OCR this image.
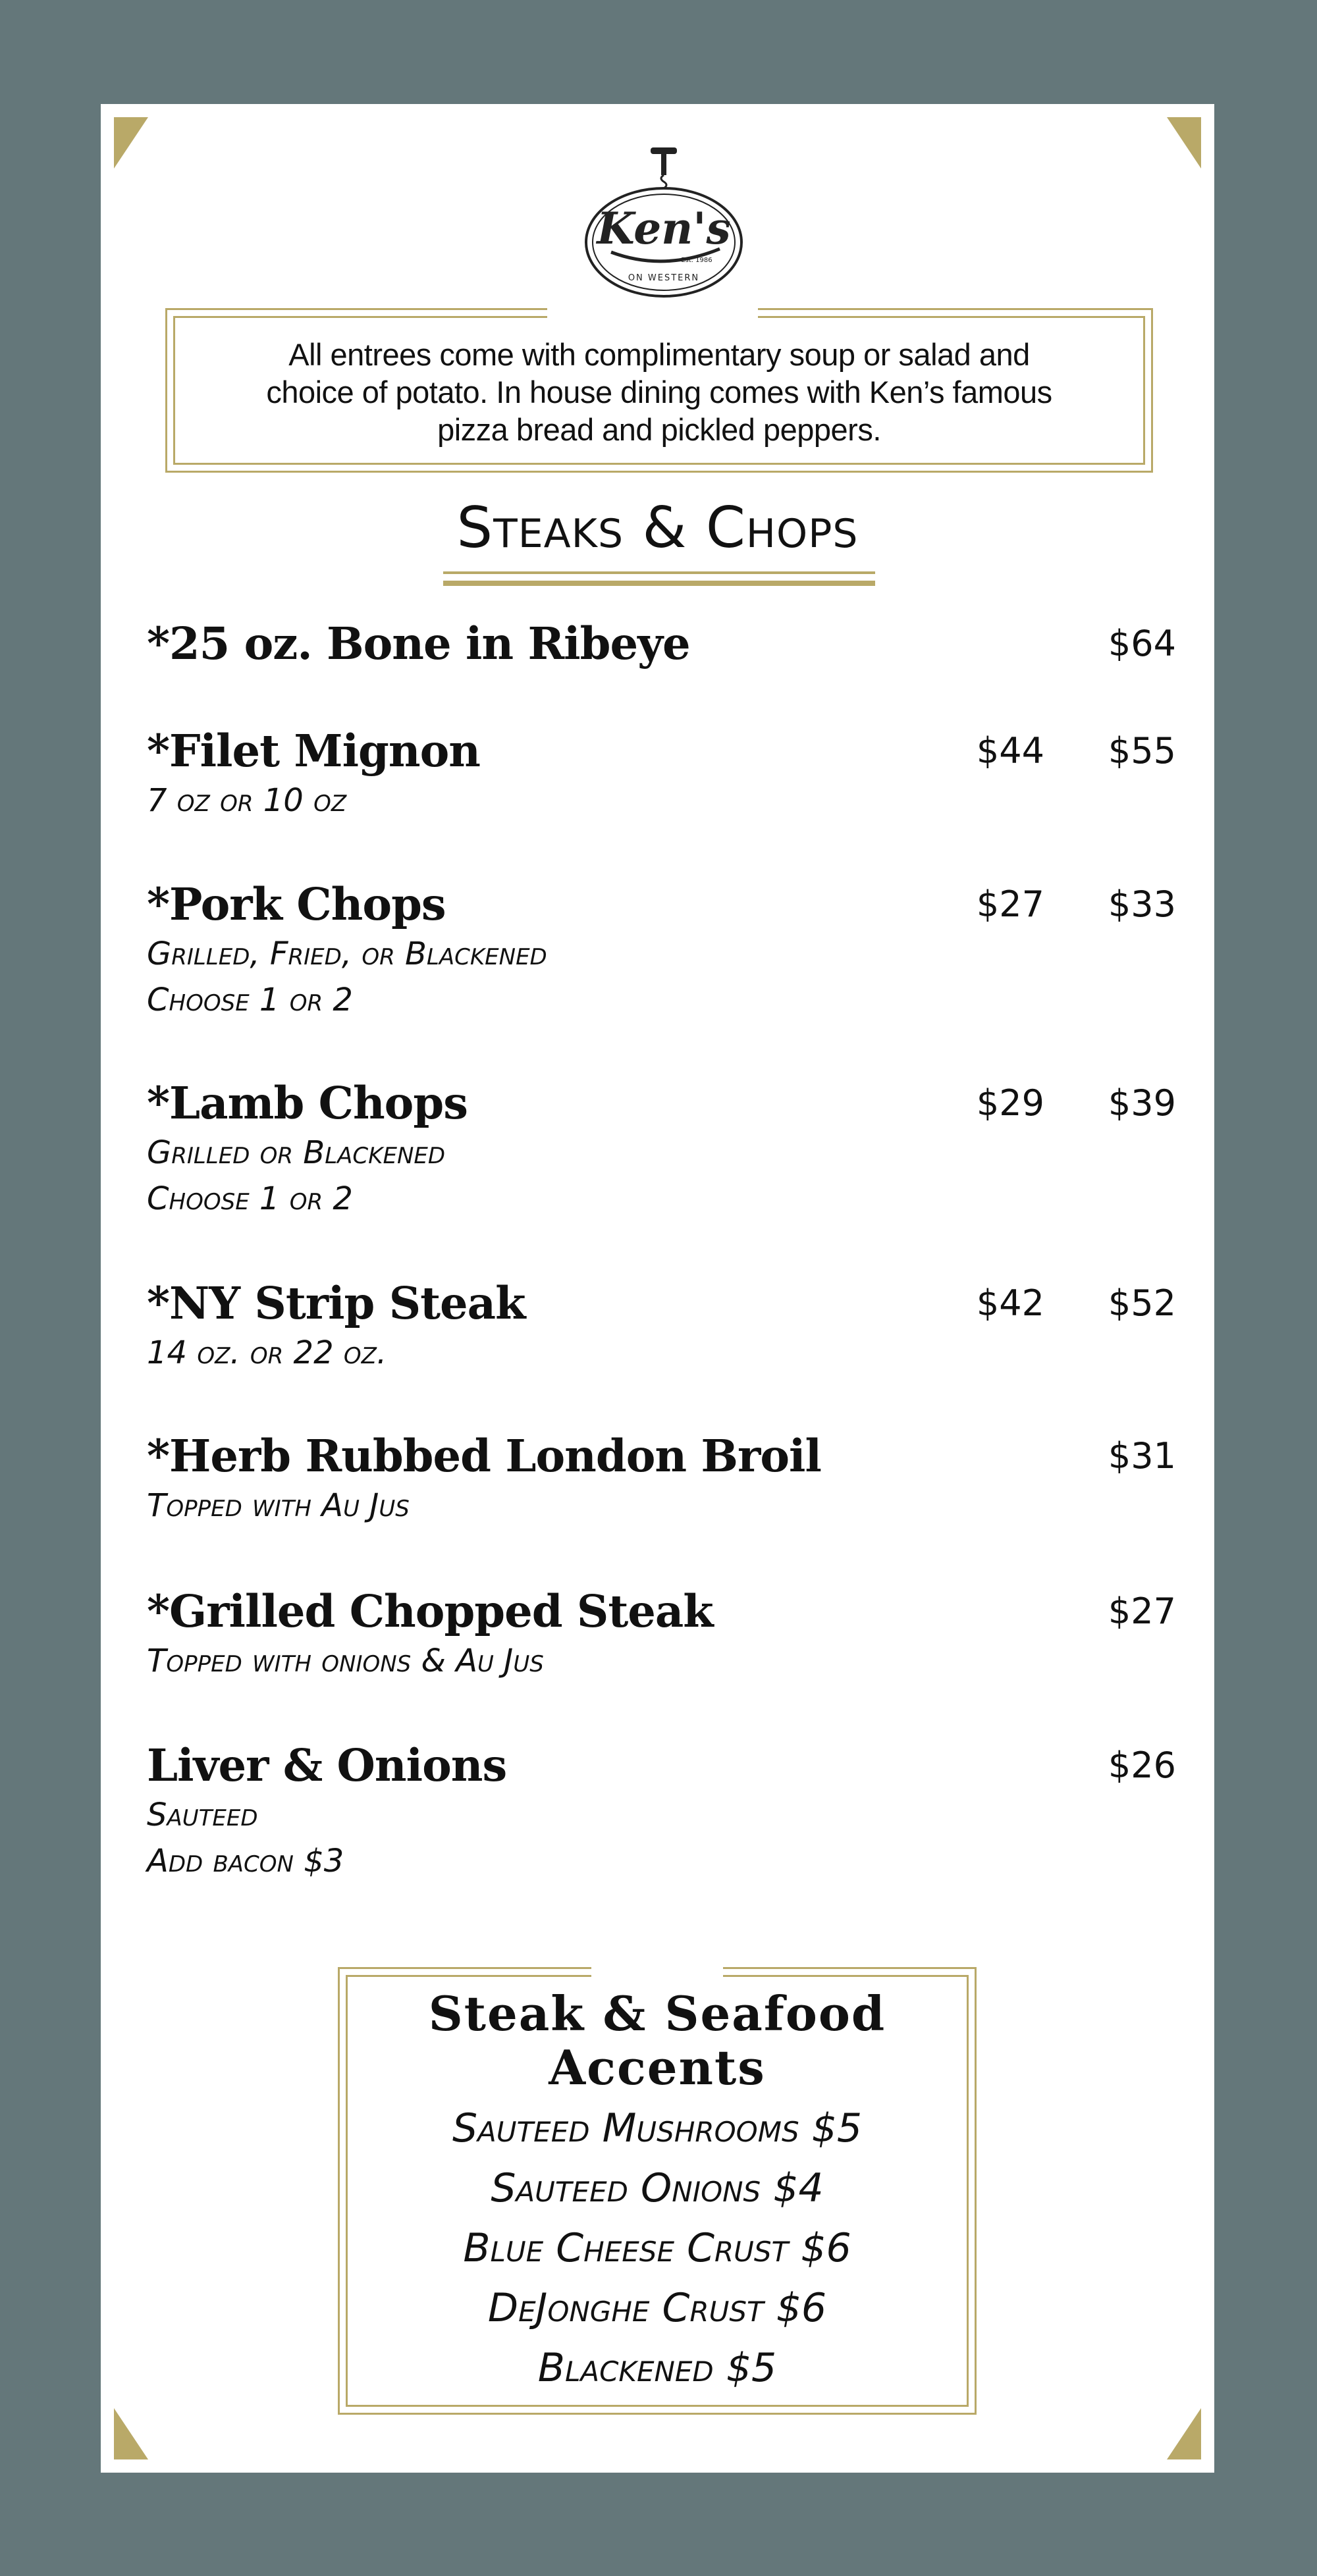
Ken's
Est. 1986
ON WESTERN
All entrees come with complimentary soup or salad and
choice of potato. In house dining comes with Ken’s famous
pizza bread and pickled peppers.
Steaks & Chops
*25 oz. Bone in Ribeye	$64
*Filet Mignon
7 oz or 10 oz
$44 $55
*Pork Chops
Grilled, Fried, or Blackened
Choose 1 or 2
$27 $33
*Lamb Chops
Grilled or Blackened
Choose 1 or 2
$29 $39
*NY Strip Steak
14 oz. or 22 oz.
$42 $52
*Herb Rubbed London Broil
Topped with Au Jus
$31
*Grilled Chopped Steak
Topped with onions & Au Jus
$27
Liver & Onions
Sauteed
Add bacon $3
$26
Steak & Seafood
Accents
Sauteed Mushrooms $5
Sauteed Onions $4
Blue Cheese Crust $6
DeJonghe Crust $6
Blackened $5
